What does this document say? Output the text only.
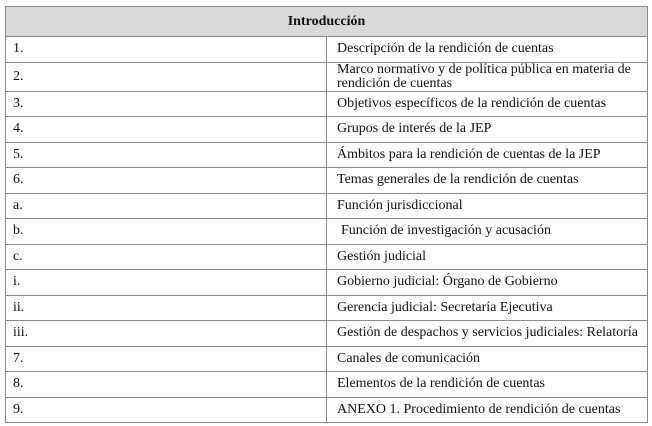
Introducción	
1.	Descripción de la rendición de cuentas
2.	Marco normativo y de política pública en materia de rendición de cuentas
3.	Objetivos específicos de la rendición de cuentas
4.	Grupos de interés de la JEP
5.	Ámbitos para la rendición de cuentas de la JEP
6.	Temas generales de la rendición de cuentas
a.	Función jurisdiccional
b.	Función de investigación y acusación
c.	Gestión judicial
i.	Gobierno judicial: Órgano de Gobierno
ii.	Gerencia judicial: Secretaría Ejecutiva
iii.	Gestión de despachos y servicios judiciales: Relatoría
7.	Canales de comunicación
8.	Elementos de la rendición de cuentas
9.	ANEXO 1. Procedimiento de rendición de cuentas
